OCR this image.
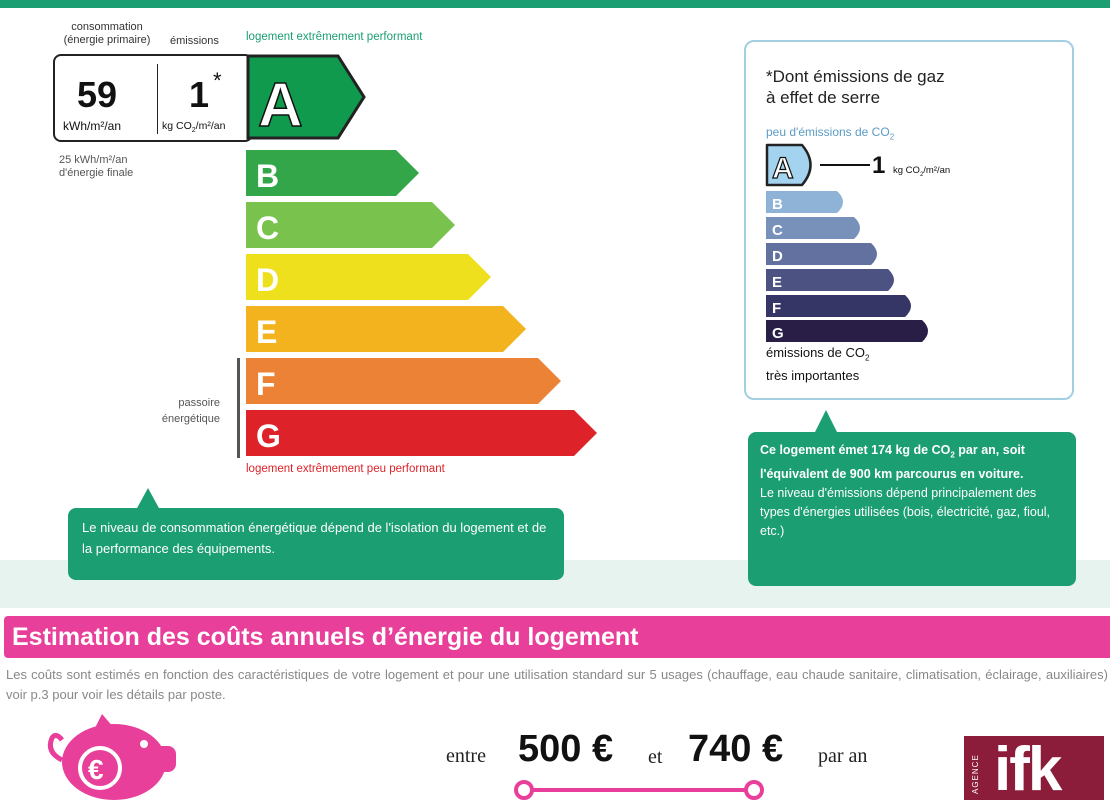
consommation
(énergie primaire) émissions logement extrêmement performant
59
kWh/m²/an
1 *
kg $CO_2/m^2/an$ A
B
C
D
E
F
G
25 kWh/m²/an
d'énergie finale
passoire
énergétique
logement extrêmement peu performant
Le niveau de consommation énergétique dépend de l'isolation du logement et de la performance des équipements.
*Dont émissions de gaz
à effet de serre
peu d'émissions de $CO_2$
A
B
C
D
E
F
G
1 kg $CO_2/m^2/an$
émissions de $CO_2$
très importantes
Ce logement émet 174 kg de $CO_2$ par an, soit l'équivalent de 900 km parcourus en voiture.
Le niveau d'émissions dépend principalement des types d'énergies utilisées (bois, électricité, gaz, fioul, etc.)
Estimation des coûts annuels d’énergie du logement
Les coûts sont estimés en fonction des caractéristiques de votre logement et pour une utilisation standard sur 5 usages (chauffage, eau chaude sanitaire, climatisation, éclairage, auxiliaires) voir p.3 pour voir les détails par poste.
€	entre 500 € et 740 € par an	AGENCE ifk
